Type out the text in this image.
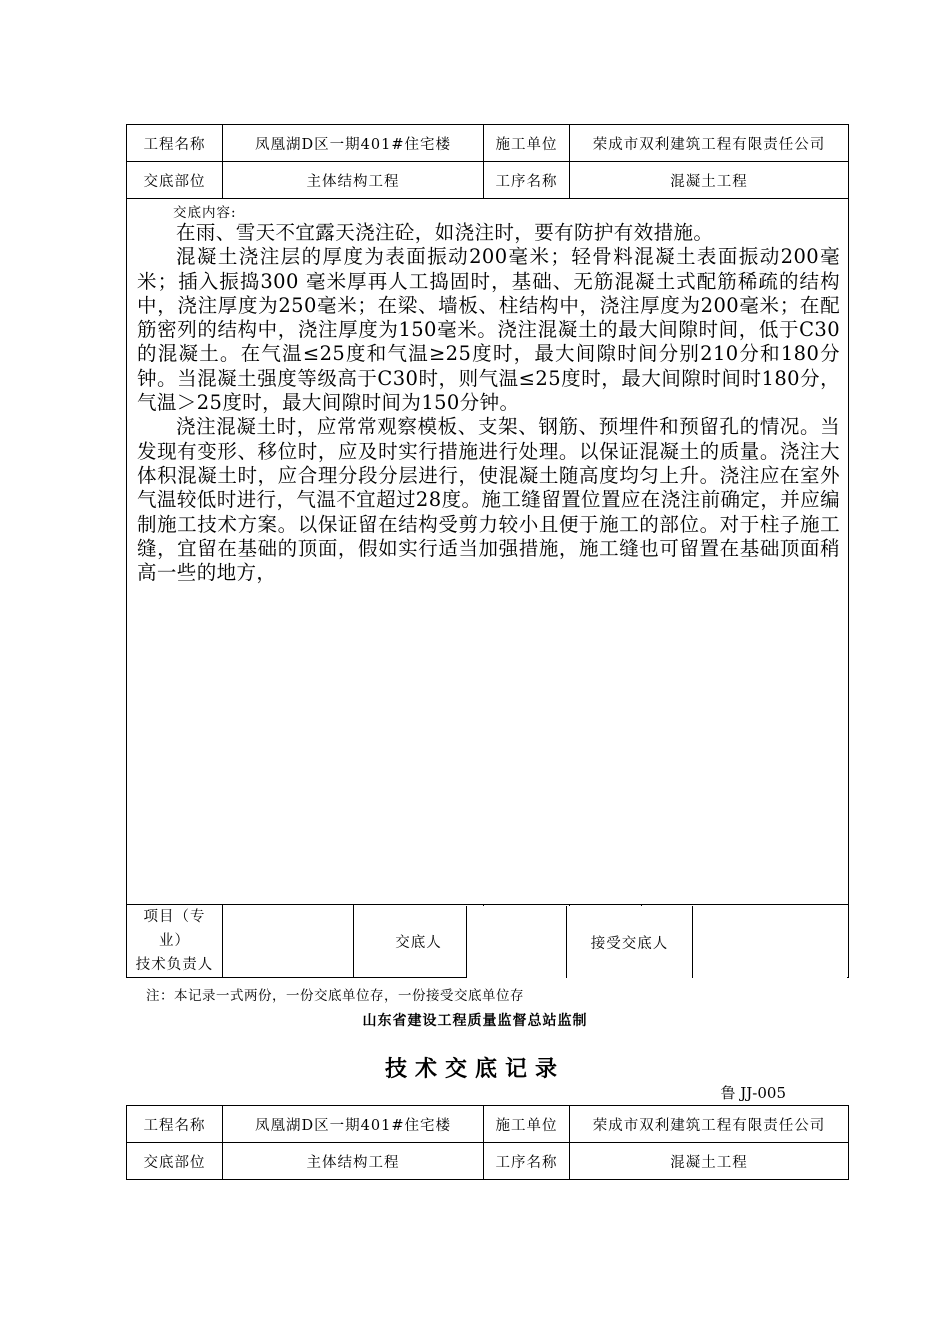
工程名称	凤凰湖D区一期401#住宅楼		施工单位	荣成市双利建筑工程有限责任公司	
交底部位	主体结构工程		工序名称	混凝土工程	

交底内容:

在雨、雪天不宜露天浇注砼，如浇注时，要有防护有效措施。

混凝土浇注层的厚度为表面振动200毫米；轻骨料混凝土表面振动200毫米；插入振捣300 毫米厚再人工捣固时，基础、无筋混凝土式配筋稀疏的结构中，浇注厚度为250毫米；在梁、墙板、柱结构中，浇注厚度为200毫米；在配筋密列的结构中，浇注厚度为150毫米。浇注混凝土的最大间隙时间，低于C30的混凝土。在气温≤25度和气温≥25度时，最大间隙时间分别210分和180分钟。当混凝土强度等级高于C30时，则气温≤25度时，最大间隙时间时180分，气温＞25度时，最大间隙时间为150分钟。

浇注混凝土时，应常常观察模板、支架、钢筋、预埋件和预留孔的情况。当发现有变形、移位时，应及时实行措施进行处理。以保证混凝土的质量。浇注大体积混凝土时，应合理分段分层进行，使混凝土随高度均匀上升。浇注应在室外气温较低时进行，气温不宜超过28度。施工缝留置位置应在浇注前确定，并应编制施工技术方案。以保证留在结构受剪力较小且便于施工的部位。对于柱子施工缝，宜留在基础的顶面，假如实行适当加强措施，施工缝也可留置在基础顶面稍高一些的地方，					

项目（专
业）
技术负责人		交底人				接受交底人
注：本记录一式两份，一份交底单位存，一份接受交底单位存
山东省建设工程质量监督总站监制
技术交底记录
鲁 JJ-005
工程名称	凤凰湖D区一期401#住宅楼	施工单位	荣成市双利建筑工程有限责任公司
交底部位	主体结构工程	工序名称	混凝土工程
